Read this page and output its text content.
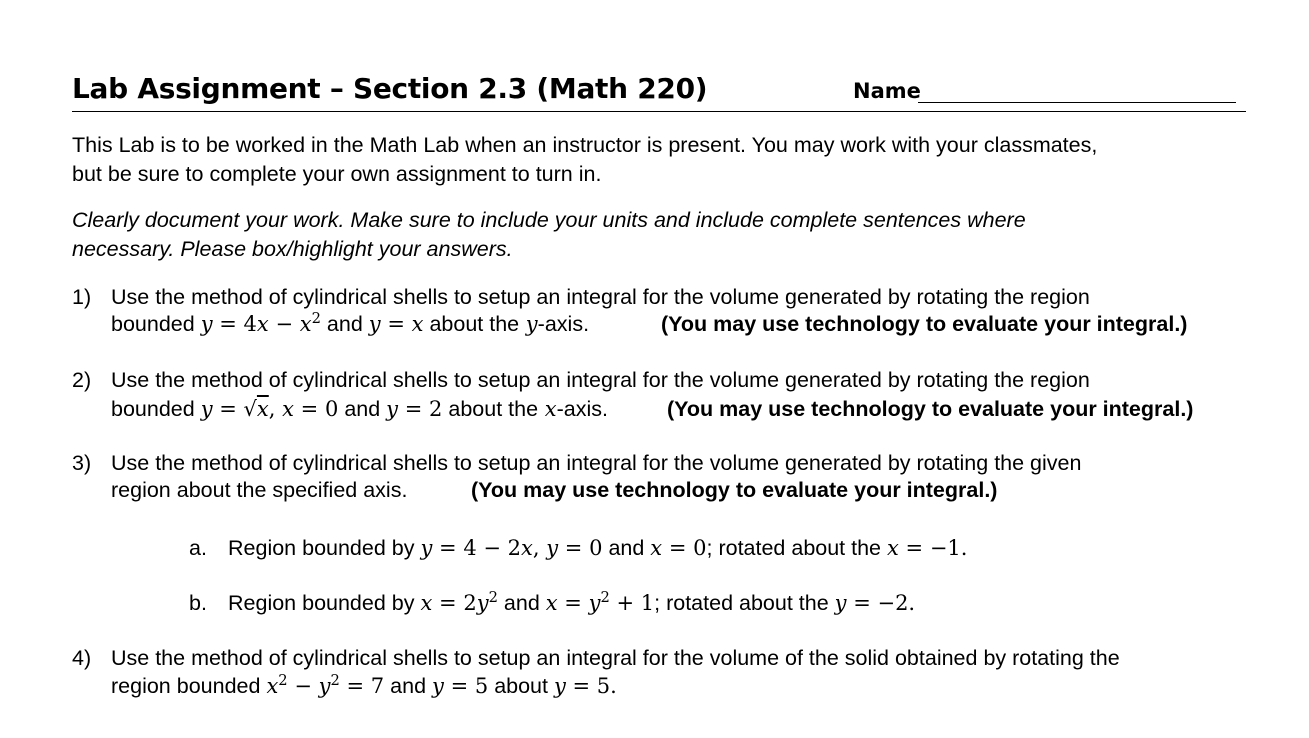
Lab Assignment – Section 2.3 (Math 220)	Name
This Lab is to be worked in the Math Lab when an instructor is present. You may work with your classmates,
but be sure to complete your own assignment to turn in.
Clearly document your work. Make sure to include your units and include complete sentences where
necessary. Please box/highlight your answers.
1) Use the method of cylindrical shells to setup an integral for the volume generated by rotating the region
bounded $y = 4x - x^2$ and y = x about the y-axis.	(You may use technology to evaluate your integral.)
2) Use the method of cylindrical shells to setup an integral for the volume generated by rotating the region
bounded y = √x, x = 0 and y = 2 about the x-axis.	(You may use technology to evaluate your integral.)
3) Use the method of cylindrical shells to setup an integral for the volume generated by rotating the given
region about the specified axis.	(You may use technology to evaluate your integral.)
a. Region bounded by y = 4 − 2x, y = 0 and x = 0; rotated about the x = −1.
b. Region bounded by $x = 2y^2$ and $x = y^2 + 1$; rotated about the y = −2.
4) Use the method of cylindrical shells to setup an integral for the volume of the solid obtained by rotating the
region bounded $x^2 - y^2 = 7$ and y = 5 about y = 5.
